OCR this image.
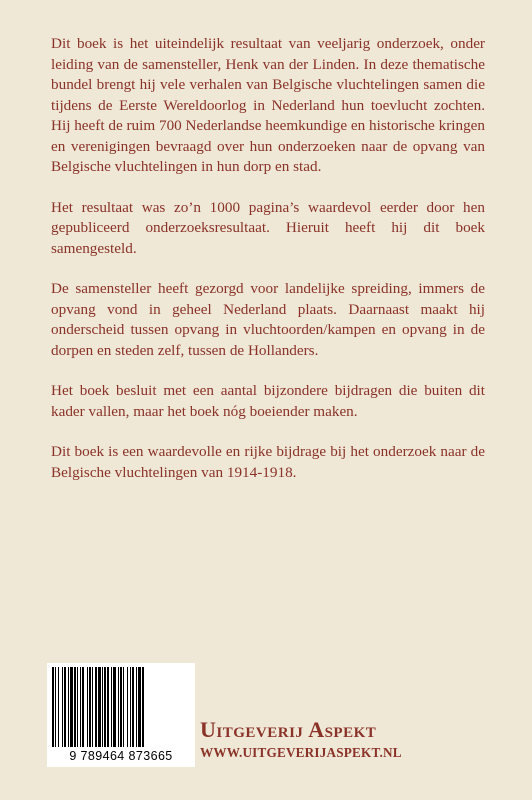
Dit boek is het uiteindelijk resultaat van veeljarig onderzoek, onder leiding van de samensteller, Henk van der Linden. In deze thematische bundel brengt hij vele verhalen van Belgische vluchtelingen samen die tijdens de Eerste Wereldoorlog in Nederland hun toevlucht zochten. Hij heeft de ruim 700 Nederlandse heemkundige en historische kringen en verenigingen bevraagd over hun onderzoeken naar de opvang van Belgische vluchtelingen in hun dorp en stad.

Het resultaat was zo’n 1000 pagina’s waardevol eerder door hen gepubliceerd onderzoeksresultaat. Hieruit heeft hij dit boek samengesteld.

De samensteller heeft gezorgd voor landelijke spreiding, immers de opvang vond in geheel Nederland plaats. Daarnaast maakt hij onderscheid tussen opvang in vluchtoorden/kampen en opvang in de dorpen en steden zelf, tussen de Hollanders.

Het boek besluit met een aantal bijzondere bijdragen die buiten dit kader vallen, maar het boek nóg boeiender maken.

Dit boek is een waardevolle en rijke bijdrage bij het onderzoek naar de Belgische vluchtelingen van 1914-1918.

9 789464 873665
Uitgeverij Aspekt
WWW.UITGEVERIJASPEKT.NL
